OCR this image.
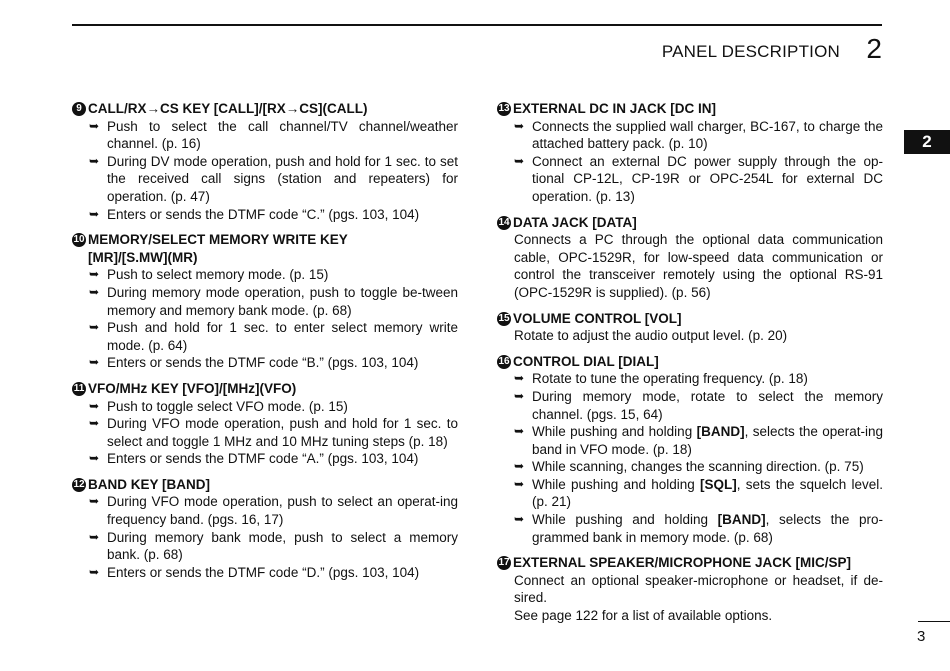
PANEL DESCRIPTION 2
2
9 CALL/RX→CS KEY [CALL]/[RX→CS](CALL)
➥ Push to select the call channel/TV channel/weather channel. (p. 16)
➥ During DV mode operation, push and hold for 1 sec. to set the received call signs (station and repeaters) for operation. (p. 47)
➥ Enters or sends the DTMF code “C.” (pgs. 103, 104)
10 MEMORY/SELECT MEMORY WRITE KEY
[MR]/[S.MW](MR)
➥ Push to select memory mode. (p. 15)
➥ During memory mode operation, push to toggle be-tween memory and memory bank mode. (p. 68)
➥ Push and hold for 1 sec. to enter select memory write mode. (p. 64)
➥ Enters or sends the DTMF code “B.” (pgs. 103, 104)
11 VFO/MHz KEY [VFO]/[MHz](VFO)
➥ Push to toggle select VFO mode. (p. 15)
➥ During VFO mode operation, push and hold for 1 sec. to select and toggle 1 MHz and 10 MHz tuning steps (p. 18)
➥ Enters or sends the DTMF code “A.” (pgs. 103, 104)
12 BAND KEY [BAND]
➥ During VFO mode operation, push to select an operat-ing frequency band. (pgs. 16, 17)
➥ During memory bank mode, push to select a memory bank. (p. 68)
➥ Enters or sends the DTMF code “D.” (pgs. 103, 104)
13 EXTERNAL DC IN JACK [DC IN]
➥ Connects the supplied wall charger, BC-167, to charge the attached battery pack. (p. 10)
➥ Connect an external DC power supply through the op-tional CP-12L, CP-19R or OPC-254L for external DC operation. (p. 13)
14 DATA JACK [DATA]
Connects a PC through the optional data communication cable, OPC-1529R, for low-speed data communication or control the transceiver remotely using the optional RS-91 (OPC-1529R is supplied). (p. 56)
15 VOLUME CONTROL [VOL]
Rotate to adjust the audio output level. (p. 20)
16 CONTROL DIAL [DIAL]
➥ Rotate to tune the operating frequency. (p. 18)
➥ During memory mode, rotate to select the memory channel. (pgs. 15, 64)
➥ While pushing and holding [BAND], selects the operat-ing band in VFO mode. (p. 18)
➥ While scanning, changes the scanning direction. (p. 75)
➥ While pushing and holding [SQL], sets the squelch level. (p. 21)
➥ While pushing and holding [BAND], selects the pro-grammed bank in memory mode. (p. 68)
17 EXTERNAL SPEAKER/MICROPHONE JACK [MIC/SP]
Connect an optional speaker-microphone or headset, if de-sired.
See page 122 for a list of available options.
3
